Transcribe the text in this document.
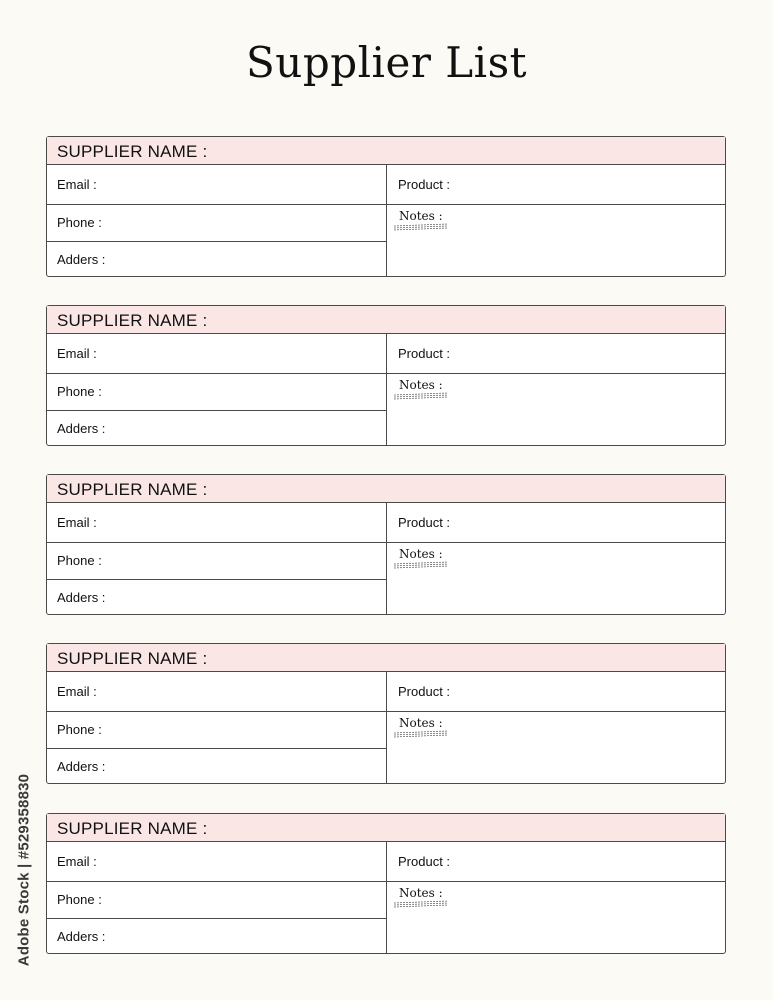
Supplier List
SUPPLIER NAME :
Email :
Phone :
Adders :
Product :
Notes :
SUPPLIER NAME :
Email :
Phone :
Adders :
Product :
Notes :
SUPPLIER NAME :
Email :
Phone :
Adders :
Product :
Notes :
SUPPLIER NAME :
Email :
Phone :
Adders :
Product :
Notes :
SUPPLIER NAME :
Email :
Phone :
Adders :
Product :
Notes :
Adobe Stock | #529358830
